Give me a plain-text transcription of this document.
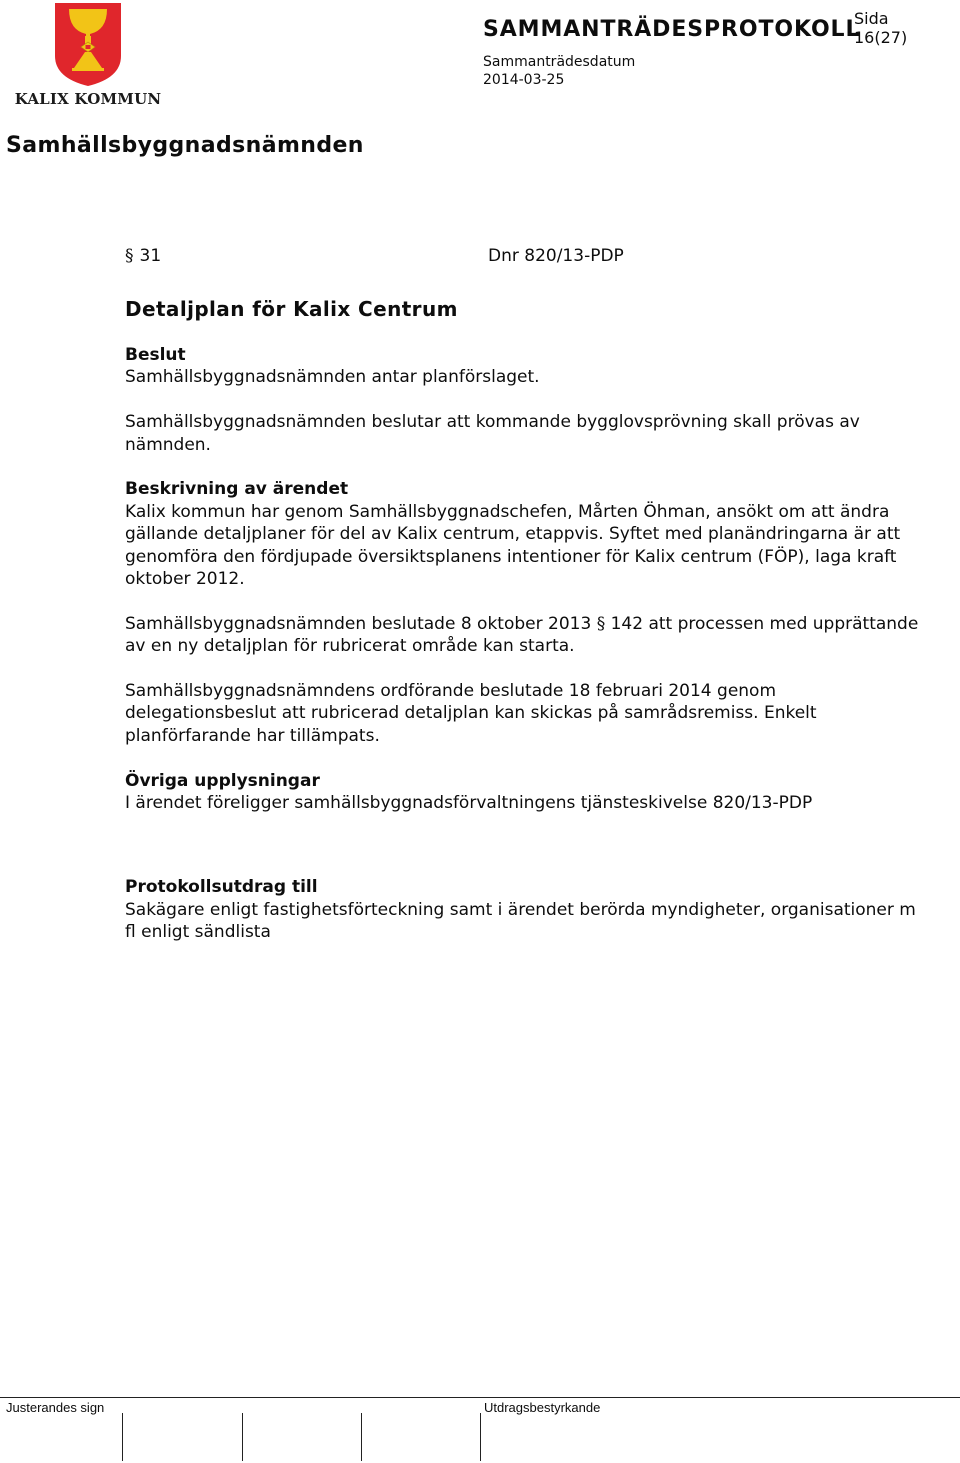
KALIX KOMMUN
SAMMANTRÄDESPROTOKOLL
Sida
16(27)
Sammanträdesdatum
2014-03-25
Samhällsbyggnadsnämnden
§ 31	Dnr 820/13-PDP
Detaljplan för Kalix Centrum
Beslut

Samhällsbyggnadsnämnden antar planförslaget.

Samhällsbyggnadsnämnden beslutar att kommande bygglovsprövning skall prövas av nämnden.

Beskrivning av ärendet

Kalix kommun har genom Samhällsbyggnadschefen, Mårten Öhman, ansökt om att ändra gällande detaljplaner för del av Kalix centrum, etappvis. Syftet med planändringarna är att genomföra den fördjupade översiktsplanens intentioner för Kalix centrum (FÖP), laga kraft oktober 2012.

Samhällsbyggnadsnämnden beslutade 8 oktober 2013 § 142 att processen med upprättande av en ny detaljplan för rubricerat område kan starta.

Samhällsbyggnadsnämndens ordförande beslutade 18 februari 2014 genom delegationsbeslut att rubricerad detaljplan kan skickas på samrådsremiss. Enkelt planförfarande har tillämpats.

Övriga upplysningar

I ärendet föreligger samhällsbyggnadsförvaltningens tjänsteskivelse 820/13-PDP

Protokollsutdrag till

Sakägare enligt fastighetsförteckning samt i ärendet berörda myndigheter, organisationer m fl enligt sändlista

Justerandes sign	Utdragsbestyrkande
